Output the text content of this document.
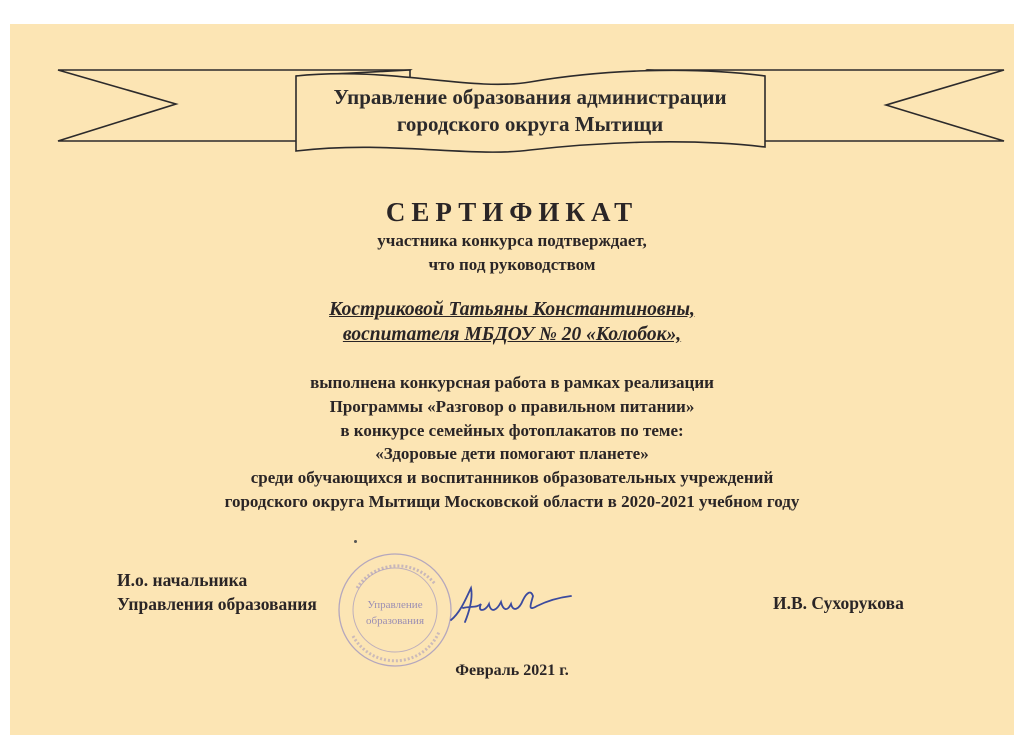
Управление образования администрации
городского округа Мытищи
СЕРТИФИКАТ
участника конкурса подтверждает,
что под руководством
Костриковой Татьяны Константиновны,
воспитателя МБДОУ № 20 «Колобок»,
выполнена конкурсная работа в рамках реализации
Программы «Разговор о правильном питании»
в конкурсе семейных фотоплакатов по теме:
«Здоровые дети помогают планете»
среди обучающихся и воспитанников образовательных учреждений
городского округа Мытищи Московской области в 2020-2021 учебном году
Управление
образования
И.о. начальника
Управления образования	И.В. Сухорукова
Февраль 2021 г.
